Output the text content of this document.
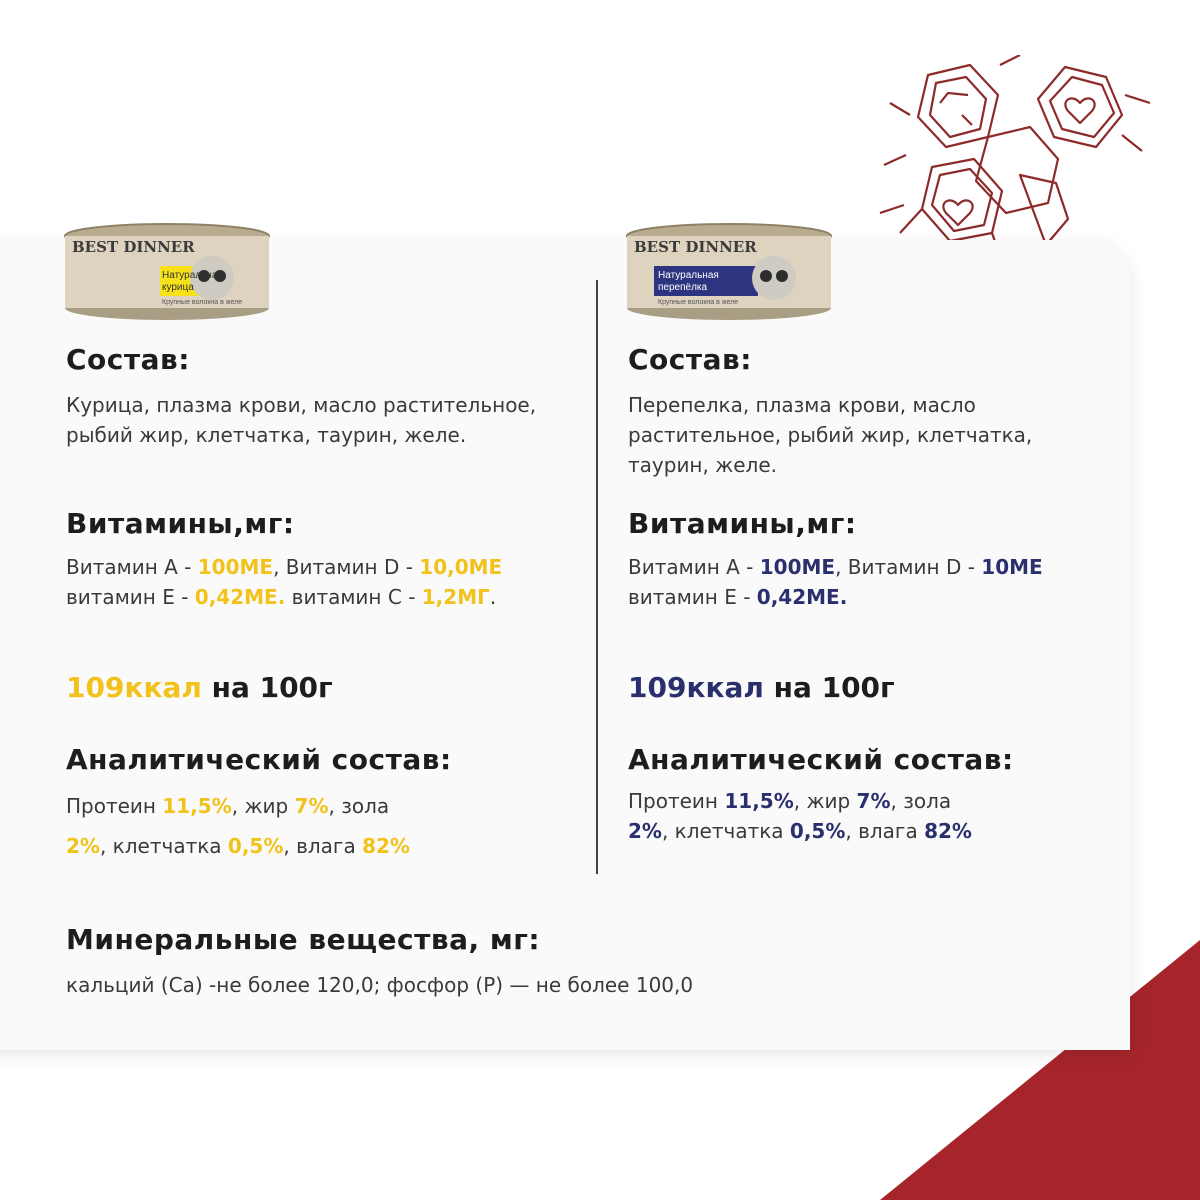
BEST DINNER
Натуральная
курица
Крупные волокна в желе
BEST DINNER
Натуральная
перепёлка
Крупные волокна в желе

Состав:

Курица, плазма крови, масло растительное,

рыбий жир, клетчатка, таурин, желе.

Витамины,мг:

Витамин А - 100МЕ, Витамин D - 10,0МЕ

витамин Е - 0,42МЕ. витамин С - 1,2МГ.

109ккал на 100г

Аналитический состав:

Протеин 11,5%, жир 7%, зола

2%, клетчатка 0,5%, влага 82%

Состав:

Перепелка, плазма крови, масло

растительное, рыбий жир, клетчатка,

таурин, желе.

Витамины,мг:

Витамин А - 100МЕ, Витамин D - 10МЕ

витамин Е - 0,42МЕ.

109ккал на 100г

Аналитический состав:

Протеин 11,5%, жир 7%, зола

2%, клетчатка 0,5%, влага 82%

Минеральные вещества, мг:

кальций (Са) -не более 120,0; фосфор (Р) — не более 100,0
